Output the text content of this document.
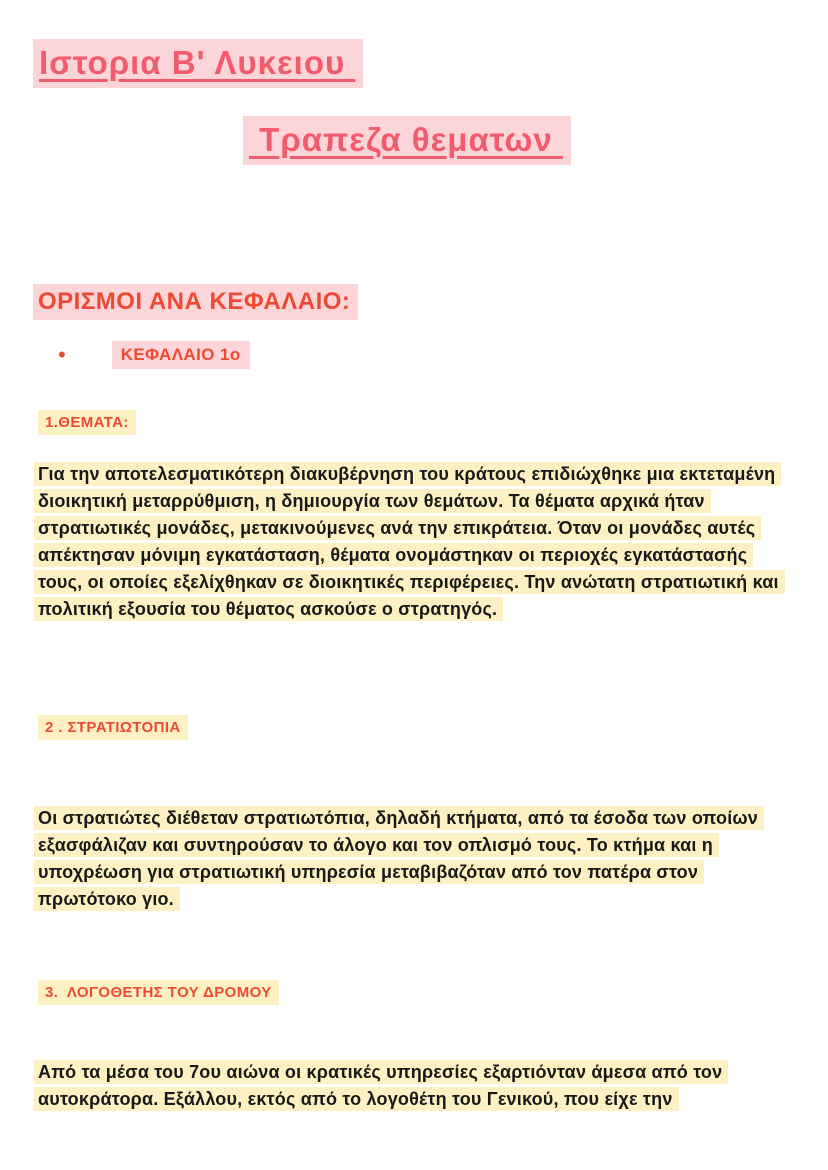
Ιστορια Β' Λυκειου
Τραπεζα θεματων
ΟΡΙΣΜΟΙ ΑΝΑ ΚΕΦΑΛΑΙΟ:
•	ΚΕΦΑΛΑΙΟ 1ο
1.ΘΕΜΑΤΑ:
Για την αποτελεσματικότερη διακυβέρνηση του κράτους επιδιώχθηκε μια εκτεταμένη διοικητική μεταρρύθμιση, η δημιουργία των θεμάτων. Τα θέματα αρχικά ήταν στρατιωτικές μονάδες, μετακινούμενες ανά την επικράτεια. Όταν οι μονάδες αυτές απέκτησαν μόνιμη εγκατάσταση, θέματα ονομάστηκαν οι περιοχές εγκατάστασής τους, οι οποίες εξελίχθηκαν σε διοικητικές περιφέρειες. Την ανώτατη στρατιωτική και πολιτική εξουσία του θέματος ασκούσε ο στρατηγός.
2 . ΣΤΡΑΤΙΩΤΟΠΙΑ
Οι στρατιώτες διέθεταν στρατιωτόπια, δηλαδή κτήματα, από τα έσοδα των οποίων εξασφάλιζαν και συντηρούσαν το άλογο και τον οπλισμό τους. Το κτήμα και η υποχρέωση για στρατιωτική υπηρεσία μεταβιβαζόταν από τον πατέρα στον πρωτότοκο γιο.
3.  ΛΟΓΟΘΕΤΗΣ ΤΟΥ ΔΡΟΜΟΥ
Από τα μέσα του 7ου αιώνα οι κρατικές υπηρεσίες εξαρτιόνταν άμεσα από τον αυτοκράτορα. Εξάλλου, εκτός από το λογοθέτη του Γενικού, που είχε την
